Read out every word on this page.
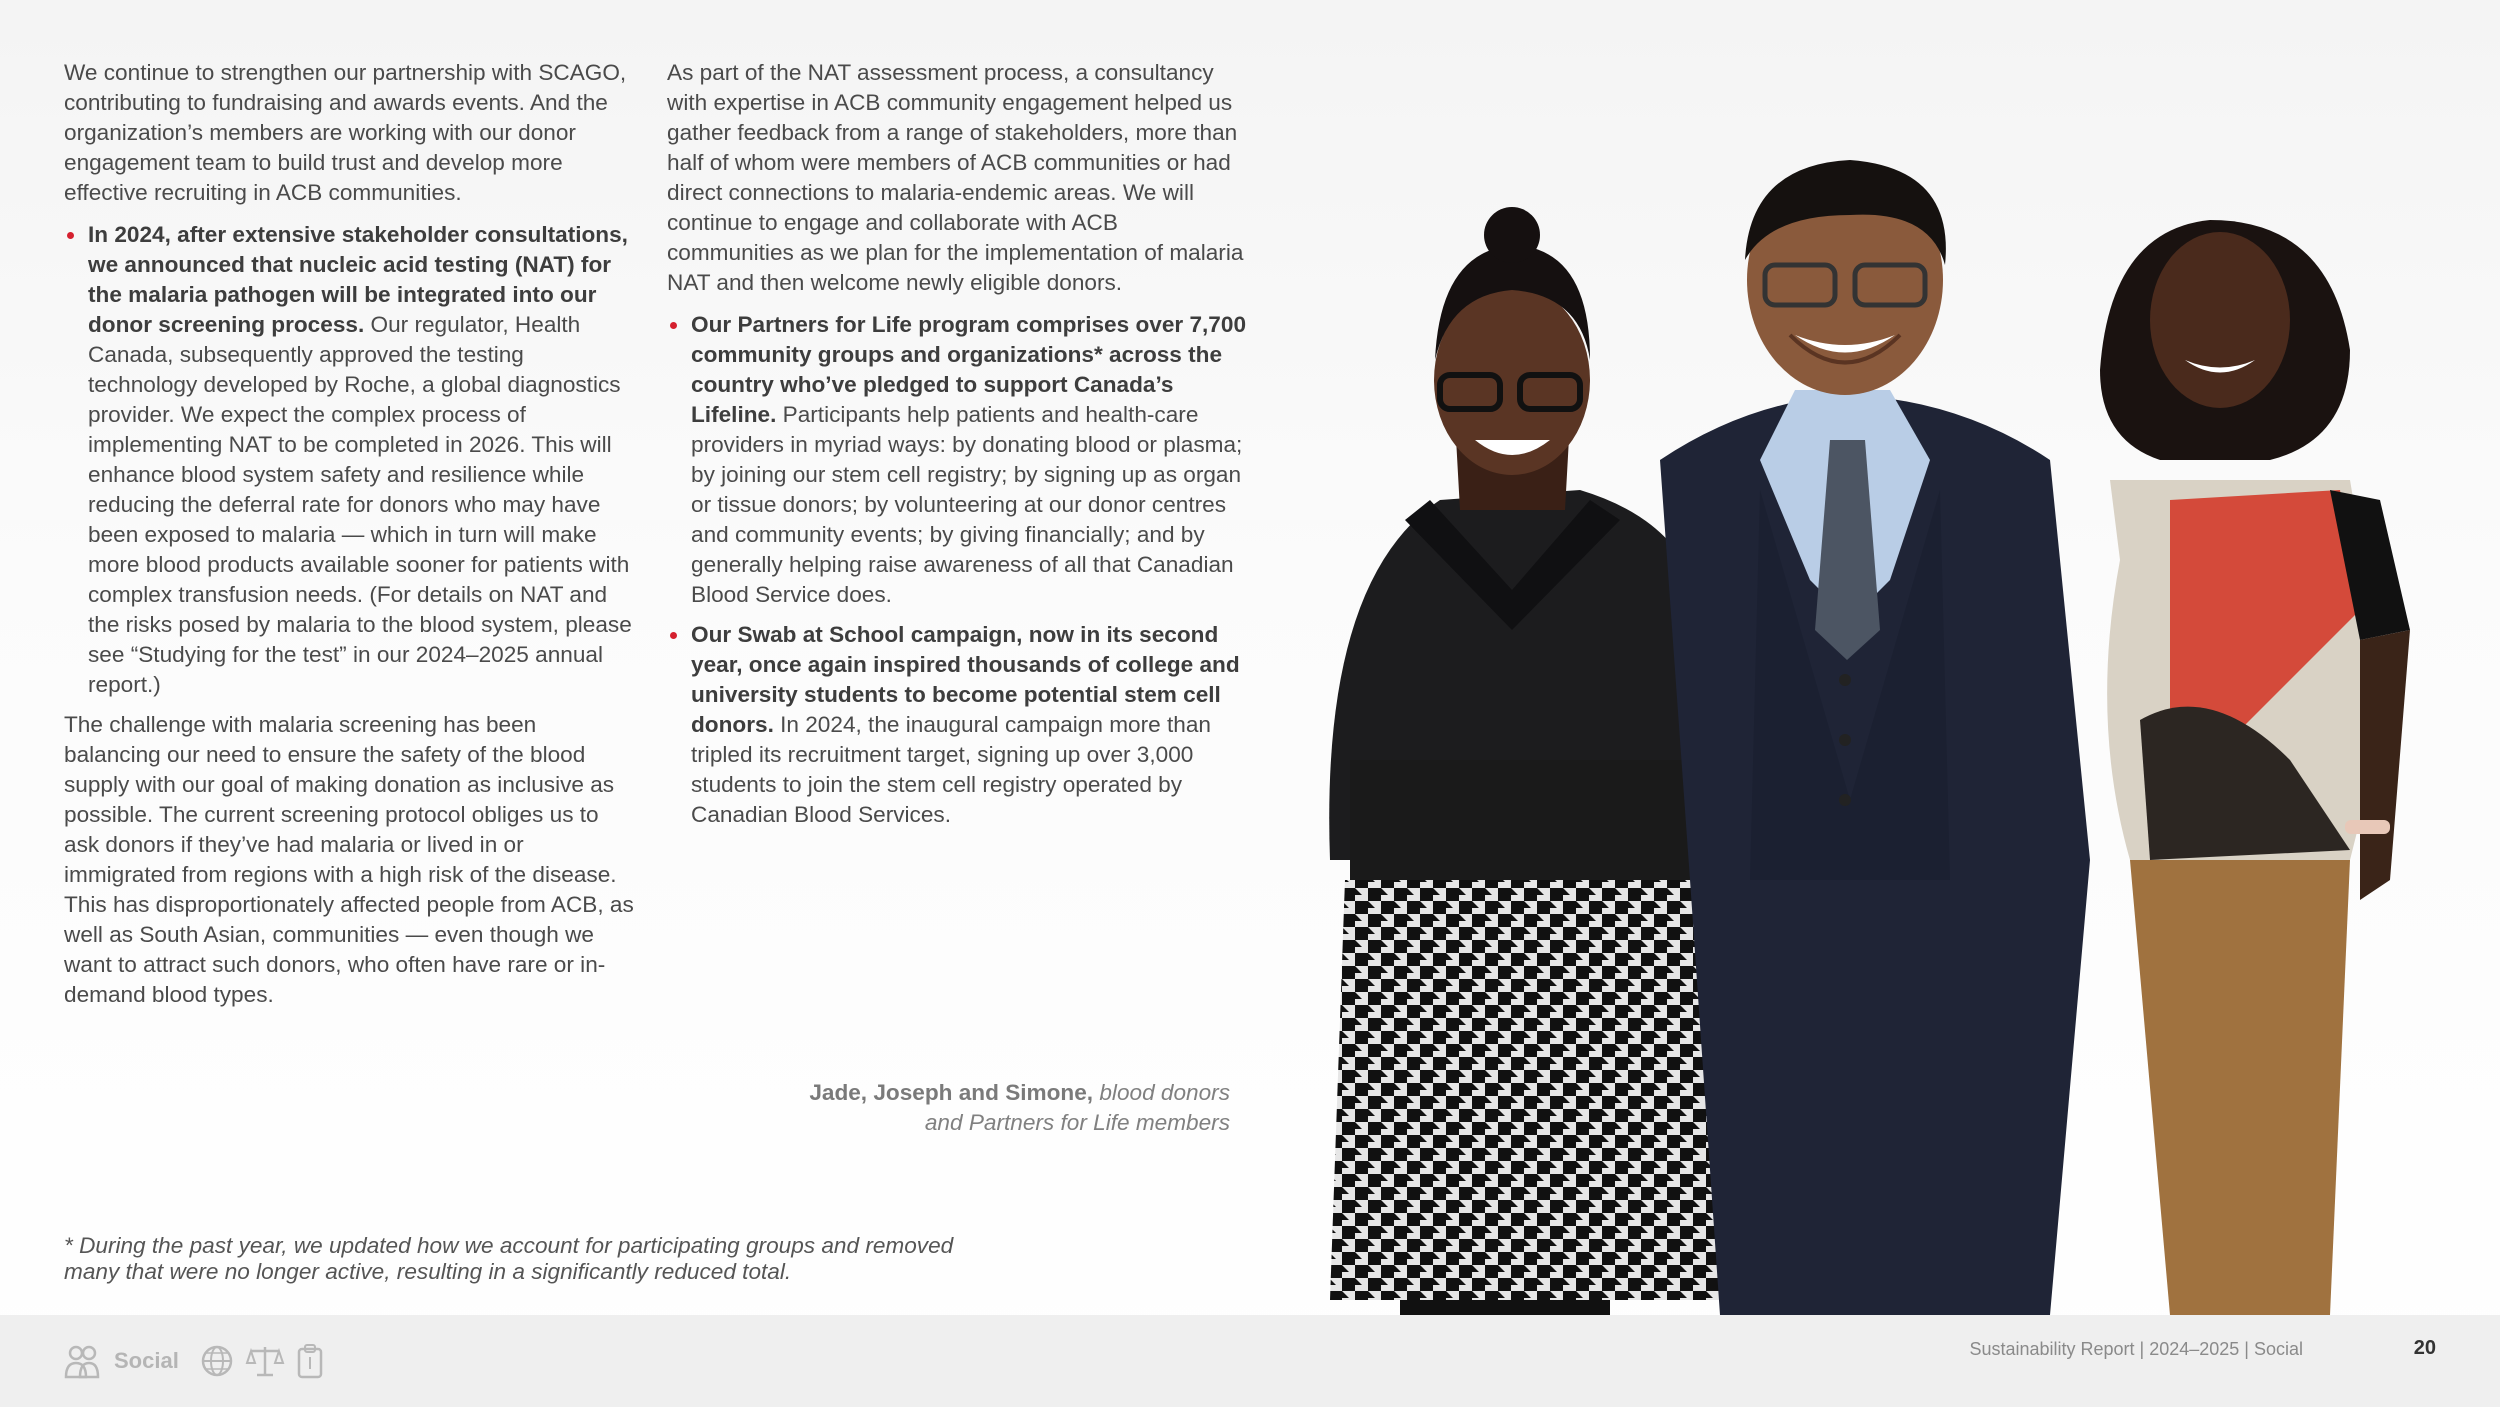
We continue to strengthen our partnership with SCAGO, contributing to fundraising and awards events. And the organization’s members are working with our donor engagement team to build trust and develop more effective recruiting in ACB communities.

In 2024, after extensive stakeholder consultations, we announced that nucleic acid testing (NAT) for the malaria pathogen will be integrated into our donor screening process. Our regulator, Health Canada, subsequently approved the testing technology developed by Roche, a global diagnostics provider. We expect the complex process of implementing NAT to be completed in 2026. This will enhance blood system safety and resilience while reducing the deferral rate for donors who may have been exposed to malaria — which in turn will make more blood products available sooner for patients with complex transfusion needs. (For details on NAT and the risks posed by malaria to the blood system, please see “Studying for the test” in our 2024–2025 annual report.)

The challenge with malaria screening has been balancing our need to ensure the safety of the blood supply with our goal of making donation as inclusive as possible. The current screening protocol obliges us to ask donors if they’ve had malaria or lived in or immigrated from regions with a high risk of the disease. This has disproportionately affected people from ACB, as well as South Asian, communities — even though we want to attract such donors, who often have rare or in-demand blood types.

As part of the NAT assessment process, a consultancy with expertise in ACB community engagement helped us gather feedback from a range of stakeholders, more than half of whom were members of ACB communities or had direct connections to malaria-endemic areas. We will continue to engage and collaborate with ACB communities as we plan for the implementation of malaria NAT and then welcome newly eligible donors.

Our Partners for Life program comprises over 7,700 community groups and organizations* across the country who’ve pledged to support Canada’s Lifeline. Participants help patients and health-care providers in myriad ways: by donating blood or plasma; by joining our stem cell registry; by signing up as organ or tissue donors; by volunteering at our donor centres and community events; by giving financially; and by generally helping raise awareness of all that Canadian Blood Service does.
Our Swab at School campaign, now in its second year, once again inspired thousands of college and university students to become potential stem cell donors. In 2024, the inaugural campaign more than tripled its recruitment target, signing up over 3,000 students to join the stem cell registry operated by Canadian Blood Services.
Jade, Joseph and Simone, blood donors
and Partners for Life members
* During the past year, we updated how we account for participating groups and removed many that were no longer active, resulting in a significantly reduced total.
Social	Sustainability Report | 2024–2025 | Social	20
